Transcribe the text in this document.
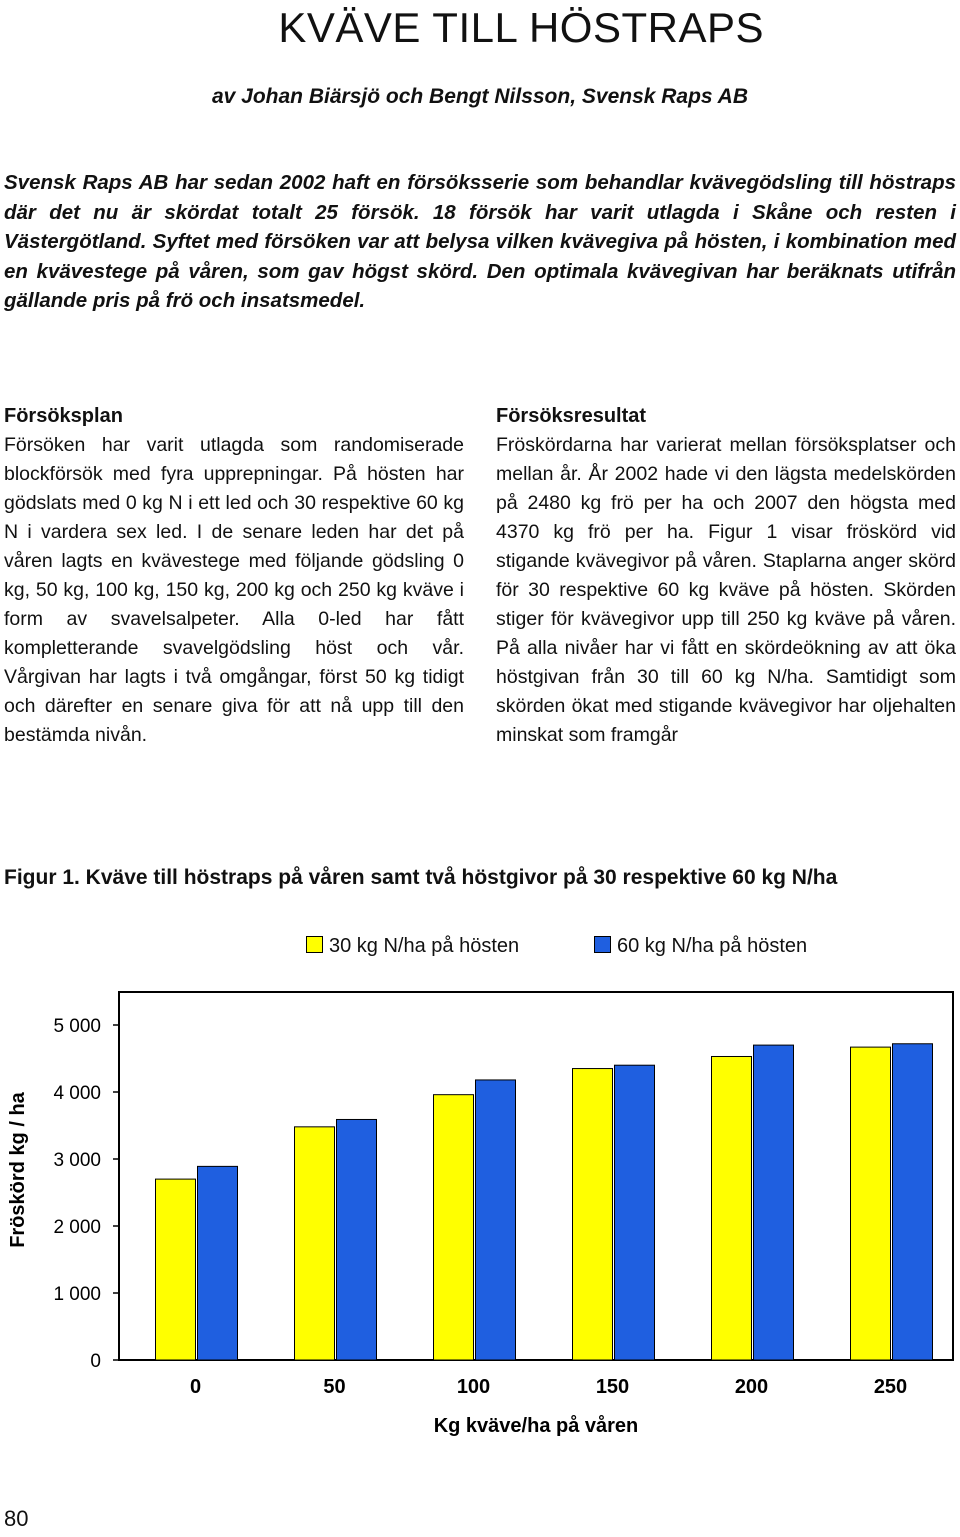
KVÄVE TILL HÖSTRAPS
av Johan Biärsjö och Bengt Nilsson, Svensk Raps AB
Svensk Raps AB har sedan 2002 haft en försöksserie som behandlar kvävegödsling till höstraps där det nu är skördat totalt 25 försök. 18 försök har varit utlagda i Skåne och resten i Västergötland. Syftet med försöken var att belysa vilken kvävegiva på hösten, i kombination med en kvävestege på våren, som gav högst skörd. Den optimala kvävegivan har beräknats utifrån gällande pris på frö och insatsmedel.
Försöksplan

Försöken har varit utlagda som randomiserade blockförsök med fyra upprepningar. På hösten har gödslats med 0 kg N i ett led och 30 respektive 60 kg N i vardera sex led. I de senare leden har det på våren lagts en kvävestege med följande gödsling 0 kg, 50 kg, 100 kg, 150 kg, 200 kg och 250 kg kväve i form av svavelsalpeter. Alla 0-led har fått kompletterande svavelgödsling höst och vår. Vårgivan har lagts i två omgångar, först 50 kg tidigt och därefter en senare giva för att nå upp till den bestämda nivån.

Försöksresultat

Fröskördarna har varierat mellan försöksplatser och mellan år. År 2002 hade vi den lägsta medelskörden på 2480 kg frö per ha och 2007 den högsta med 4370 kg frö per ha. Figur 1 visar fröskörd vid stigande kvävegivor på våren. Staplarna anger skörd för 30 respektive 60 kg kväve på hösten. Skörden stiger för kvävegivor upp till 250 kg kväve på våren. På alla nivåer har vi fått en skördeökning av att öka höstgivan från 30 till 60 kg N/ha. Samtidigt som skörden ökat med stigande kvävegivor har oljehalten minskat som framgår

Figur 1. Kväve till höstraps på våren samt två höstgivor på 30 respektive 60 kg N/ha
30 kg N/ha på hösten	60 kg N/ha på hösten
0
1 000
2 000
3 000
4 000
5 000
0	50	100	150	200	250
Kg kväve/ha på våren
Fröskörd kg / ha
80
